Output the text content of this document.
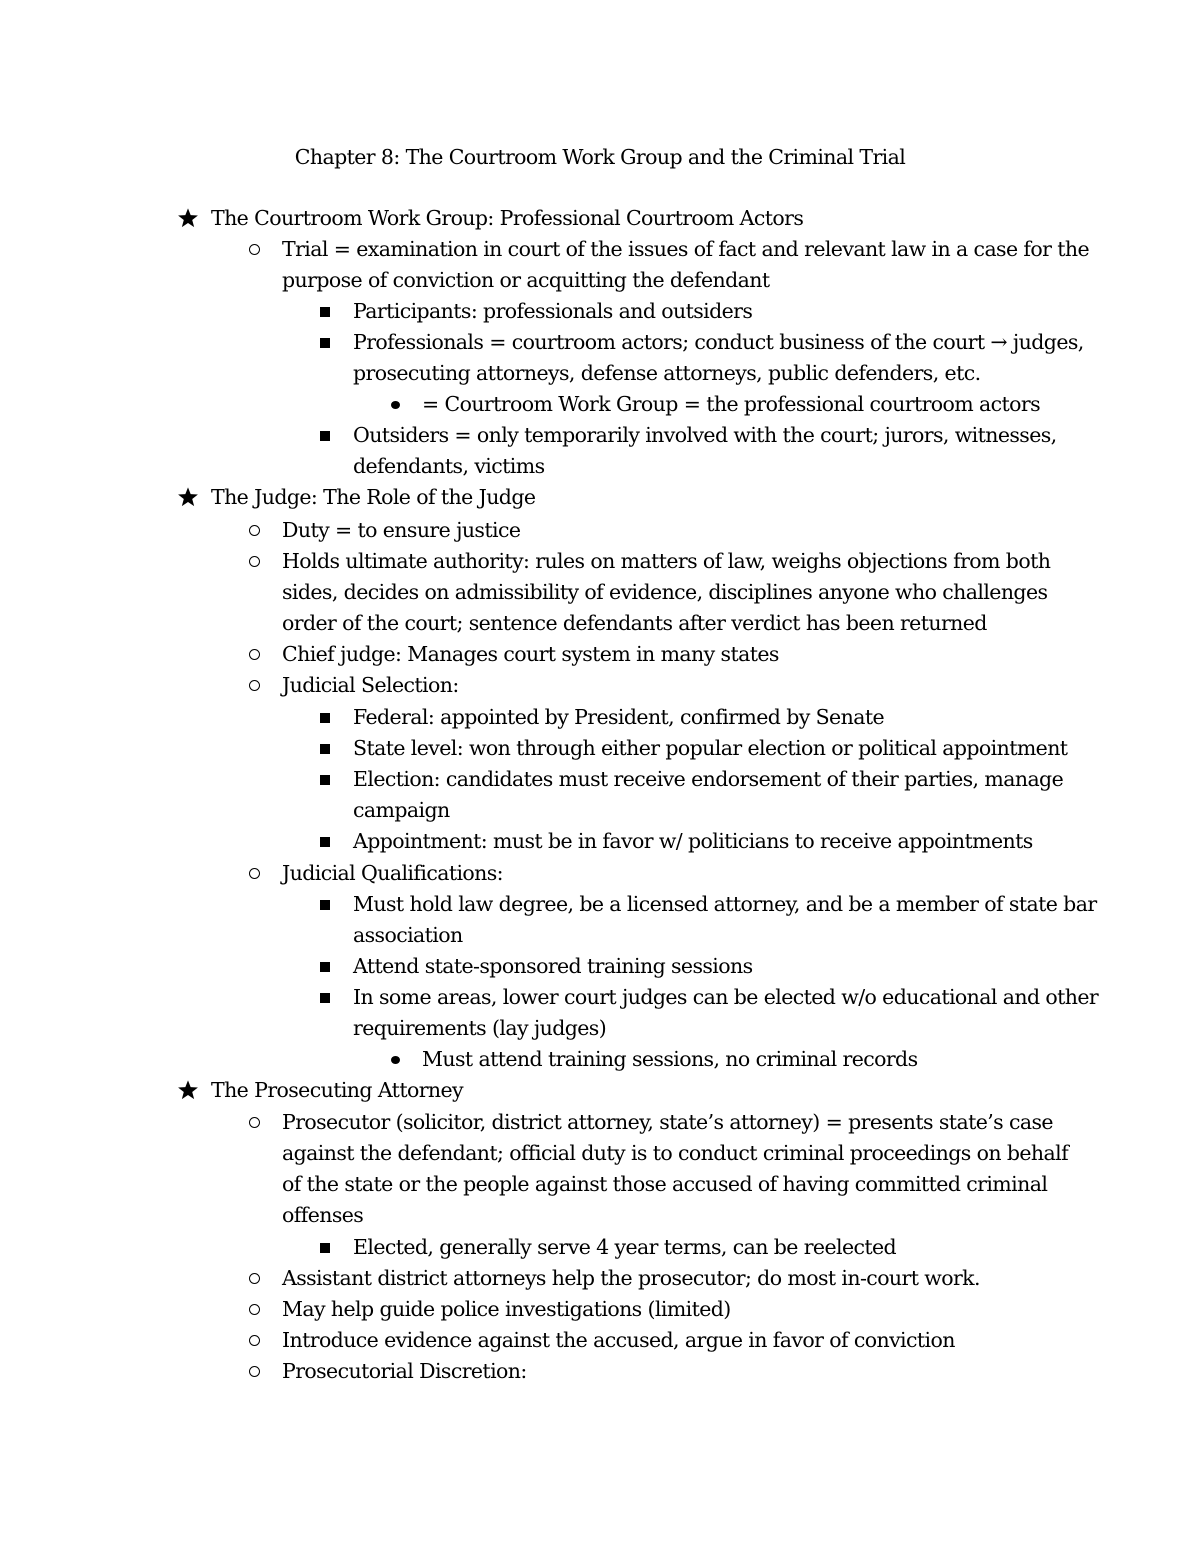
Chapter 8: The Courtroom Work Group and the Criminal Trial
The Courtroom Work Group: Professional Courtroom Actors
Trial = examination in court of the issues of fact and relevant law in a case for the
purpose of conviction or acquitting the defendant
Participants: professionals and outsiders
Professionals = courtroom actors; conduct business of the court → judges,
prosecuting attorneys, defense attorneys, public defenders, etc.
= Courtroom Work Group = the professional courtroom actors
Outsiders = only temporarily involved with the court; jurors, witnesses,
defendants, victims
The Judge: The Role of the Judge
Duty = to ensure justice
Holds ultimate authority: rules on matters of law, weighs objections from both
sides, decides on admissibility of evidence, disciplines anyone who challenges
order of the court; sentence defendants after verdict has been returned
Chief judge: Manages court system in many states
Judicial Selection:
Federal: appointed by President, confirmed by Senate
State level: won through either popular election or political appointment
Election: candidates must receive endorsement of their parties, manage
campaign
Appointment: must be in favor w/ politicians to receive appointments
Judicial Qualifications:
Must hold law degree, be a licensed attorney, and be a member of state bar
association
Attend state-sponsored training sessions
In some areas, lower court judges can be elected w/o educational and other
requirements (lay judges)
Must attend training sessions, no criminal records
The Prosecuting Attorney
Prosecutor (solicitor, district attorney, state’s attorney) = presents state’s case
against the defendant; official duty is to conduct criminal proceedings on behalf
of the state or the people against those accused of having committed criminal
offenses
Elected, generally serve 4 year terms, can be reelected
Assistant district attorneys help the prosecutor; do most in-court work.
May help guide police investigations (limited)
Introduce evidence against the accused, argue in favor of conviction
Prosecutorial Discretion:
